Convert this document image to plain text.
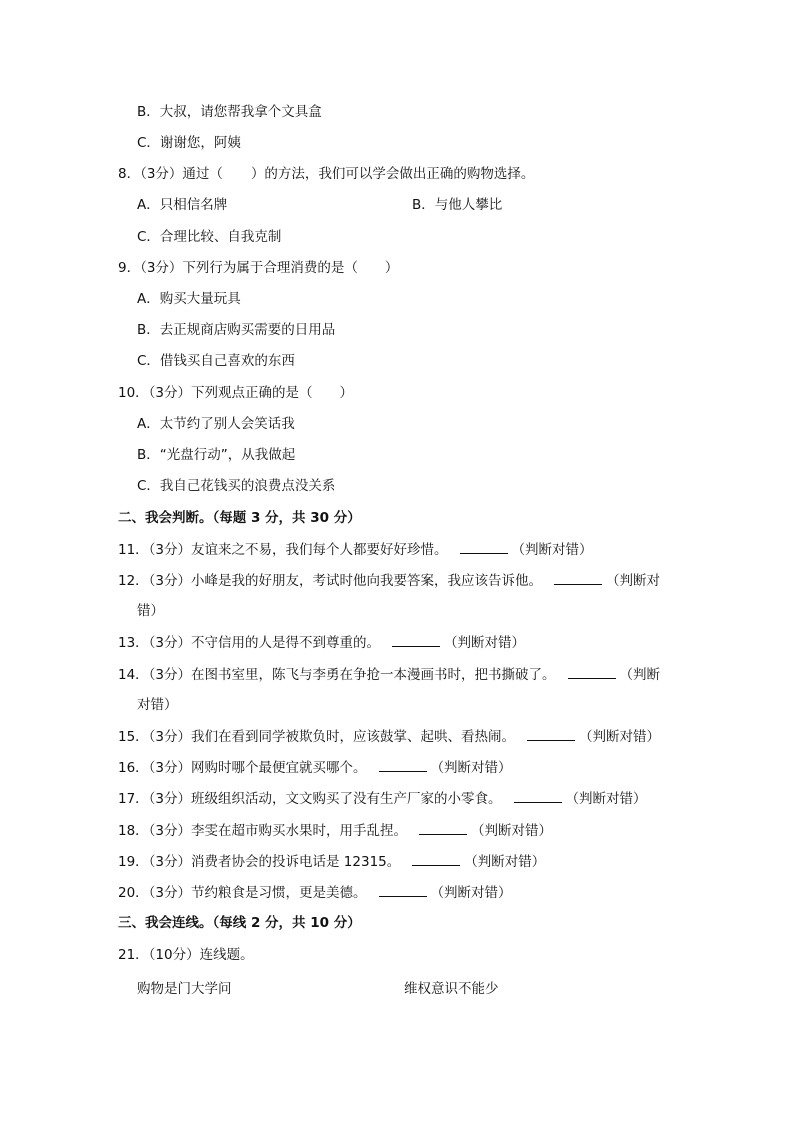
B．大叔，请您帮我拿个文具盒
C．谢谢您，阿姨
8．（3分）通过（ ）的方法，我们可以学会做出正确的购物选择。
A．只相信名牌	B．与他人攀比
C．合理比较、自我克制
9．（3分）下列行为属于合理消费的是（　　）
A．购买大量玩具
B．去正规商店购买需要的日用品
C．借钱买自己喜欢的东西
10．（3分）下列观点正确的是（　　）
A．太节约了别人会笑话我
B．“光盘行动”，从我做起
C．我自己花钱买的浪费点没关系
二、我会判断。（每题 3 分，共 30 分）
11．（3分）友谊来之不易，我们每个人都要好好珍惜。	（判断对错）
12．（3分）小峰是我的好朋友，考试时他向我要答案，我应该告诉他。	（判断对
错）
13．（3分）不守信用的人是得不到尊重的。	（判断对错）
14．（3分）在图书室里，陈飞与李勇在争抢一本漫画书时，把书撕破了。	（判断
对错）
15．（3分）我们在看到同学被欺负时，应该鼓掌、起哄、看热闹。	（判断对错）
16．（3分）网购时哪个最便宜就买哪个。	（判断对错）
17．（3分）班级组织活动，文文购买了没有生产厂家的小零食。	（判断对错）
18．（3分）李雯在超市购买水果时，用手乱捏。	（判断对错）
19．（3分）消费者协会的投诉电话是 12315。	（判断对错）
20．（3分）节约粮食是习惯，更是美德。	（判断对错）
三、我会连线。（每线 2 分，共 10 分）
21．（10分）连线题。
购物是门大学问	维权意识不能少
